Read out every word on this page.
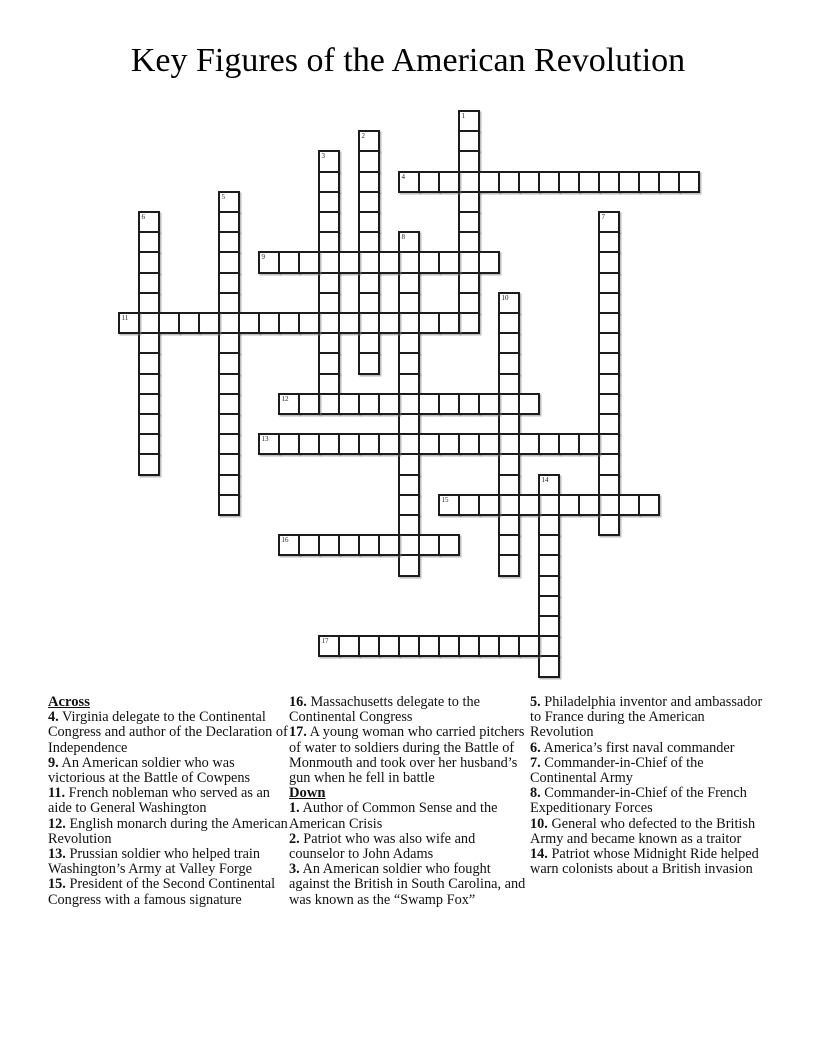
Key Figures of the American Revolution
1
2
3
4
5
6	7
8
9
10
11
12
13
14
15
16
17

Across

4. Virginia delegate to the Continental Congress and author of the Declaration of Independence

9. An American soldier who was victorious at the Battle of Cowpens

11. French nobleman who served as an aide to General Washington

12. English monarch during the American Revolution

13. Prussian soldier who helped train Washington’s Army at Valley Forge

15. President of the Second Continental Congress with a famous signature

16. Massachusetts delegate to the Continental Congress

17. A young woman who carried pitchers of water to soldiers during the Battle of Monmouth and took over her husband’s gun when he fell in battle

Down

1. Author of Common Sense and the American Crisis

2. Patriot who was also wife and counselor to John Adams

3. An American soldier who fought against the British in South Carolina, and was known as the “Swamp Fox”

5. Philadelphia inventor and ambassador to France during the American Revolution

6. America’s first naval commander

7. Commander-in-Chief of the Continental Army

8. Commander-in-Chief of the French Expeditionary Forces

10. General who defected to the British Army and became known as a traitor

14. Patriot whose Midnight Ride helped warn colonists about a British invasion
